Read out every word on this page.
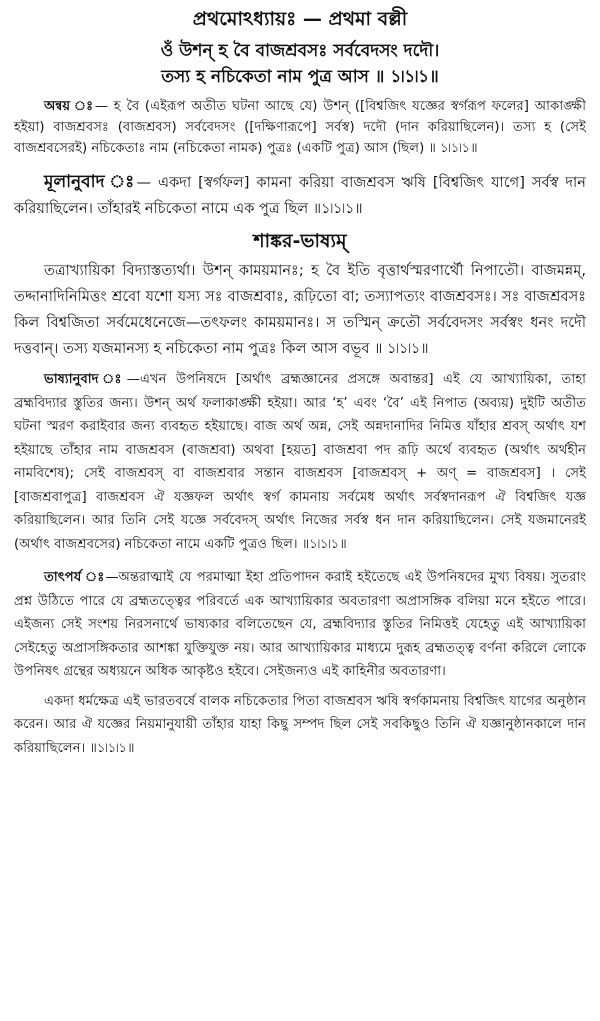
প্রথমোঽধ্যায়ঃ — প্রথমা বল্লী

ওঁ উশন্ হ বৈ বাজশ্রবসঃ সর্ববেদসং দদৌ।

তস্য হ নচিকেতা নাম পুত্র আস ॥ ১৷১৷১॥

অন্বয় ঃ— হ বৈ (এইরূপ অতীত ঘটনা আছে যে) উশন্ ([বিশ্বজিৎ যজ্ঞের স্বর্গরূপ ফলের] আকাঙ্ক্ষী হইয়া) বাজশ্রবসঃ (বাজশ্রবস) সর্ববেদসং ([দক্ষিণারূপে] সর্বস্ব) দদৌ (দান করিয়াছিলেন)। তস্য হ (সেই বাজশ্রবসেরই) নচিকেতাঃ নাম (নচিকেতা নামক) পুত্রঃ (একটি পুত্র) আস (ছিল) ॥ ১৷১৷১॥

মূলানুবাদ ঃ— একদা [স্বর্গফল] কামনা করিয়া বাজশ্রবস ঋষি [বিশ্বজিৎ যাগে] সর্বস্ব দান করিয়াছিলেন। তাঁহারই নচিকেতা নামে এক পুত্র ছিল ॥১৷১৷১॥

শাঙ্কর-ভাষ্যম্

তত্রাখ্যায়িকা বিদ্যাস্তত্যর্থা। উশন্ কাময়মানঃ; হ বৈ ইতি বৃত্তার্থস্মরণার্থৌ নিপাতৌ। বাজমন্নম্, তদ্দানাদিনিমিত্তং শ্রবো যশো যস্য সঃ বাজশ্রবাঃ, রূঢ়িতো বা; তস্যাপত্যং বাজশ্রবসঃ। সঃ বাজশ্রবসঃ কিল বিশ্বজিতা সর্বমেধেনেজে—তৎফলং কাময়মানঃ। স তস্মিন্ ক্রতৌ সর্ববেদসং সর্বস্বং ধনং দদৌ দত্তবান্। তস্য যজমানস্য হ নচিকেতা নাম পুত্রঃ কিল আস বভূব ॥ ১৷১৷১॥

ভাষ্যানুবাদ ঃ—এখন উপনিষদে [অর্থাৎ ব্রহ্মজ্ঞানের প্রসঙ্গে অবান্তর] এই যে আখ্যায়িকা, তাহা ব্রহ্মবিদ্যার স্তুতির জন্য। উশন্ অর্থ ফলাকাঙ্ক্ষী হইয়া। আর ‘হ’ এবং ‘বৈ’ এই নিপাত (অব্যয়) দুইটি অতীত ঘটনা স্মরণ করাইবার জন্য ব্যবহৃত হইয়াছে। বাজ অর্থ অন্ন, সেই অন্নদানাদির নিমিত্ত যাঁহার শ্রবস্ অর্থাৎ যশ হইয়াছে তাঁহার নাম বাজশ্রবস (বাজশ্রবা) অথবা [হয়ত] বাজশ্রবা পদ রূঢ়ি অর্থে ব্যবহৃত (অর্থাৎ অর্থহীন নামবিশেষ); সেই বাজশ্রবস্ বা বাজশ্রবার সন্তান বাজশ্রবস [বাজশ্রবস্ + অণ্ = বাজশ্রবস] । সেই [বাজশ্রবাপুত্র] বাজশ্রবস ঐ যজ্ঞফল অর্থাৎ স্বর্গ কামনায় সর্বমেধ অর্থাৎ সর্বস্বদানরূপ ঐ বিশ্বজিৎ যজ্ঞ করিয়াছিলেন। আর তিনি সেই যজ্ঞে সর্ববেদস্ অর্থাৎ নিজের সর্বস্ব ধন দান করিয়াছিলেন। সেই যজমানেরই (অর্থাৎ বাজশ্রবসের) নচিকেতা নামে একটি পুত্রও ছিল। ॥১৷১৷১॥

তাৎপর্য ঃ—অন্তরাত্মাই যে পরমাত্মা ইহা প্রতিপাদন করাই হইতেছে এই উপনিষদের মুখ্য বিষয়। সুতরাং প্রশ্ন উঠিতে পারে যে ব্রহ্মতত্ত্বের পরিবর্তে এক আখ্যায়িকার অবতারণা অপ্রাসঙ্গিক বলিয়া মনে হইতে পারে। এইজন্য সেই সংশয় নিরসনার্থে ভাষ্যকার বলিতেছেন যে, ব্রহ্মবিদ্যার স্তুতির নিমিত্তই যেহেতু এই আখ্যায়িকা সেইহেতু অপ্রাসঙ্গিকতার আশঙ্কা যুক্তিযুক্ত নয়। আর আখ্যায়িকার মাধ্যমে দুরূহ ব্রহ্মতত্ত্ব বর্ণনা করিলে লোকে উপনিষৎ গ্রন্থের অধ্যয়নে অধিক আকৃষ্টও হইবে। সেইজন্যও এই কাহিনীর অবতারণা।

একদা ধর্মক্ষেত্র এই ভারতবর্ষে বালক নচিকেতার পিতা বাজশ্রবস ঋষি স্বর্গকামনায় বিশ্বজিৎ যাগের অনুষ্ঠান করেন। আর ঐ যজ্ঞের নিয়মানুযায়ী তাঁহার যাহা কিছু সম্পদ ছিল সেই সবকিছুও তিনি ঐ যজ্ঞানুষ্ঠানকালে দান করিয়াছিলেন। ॥১৷১৷১॥
